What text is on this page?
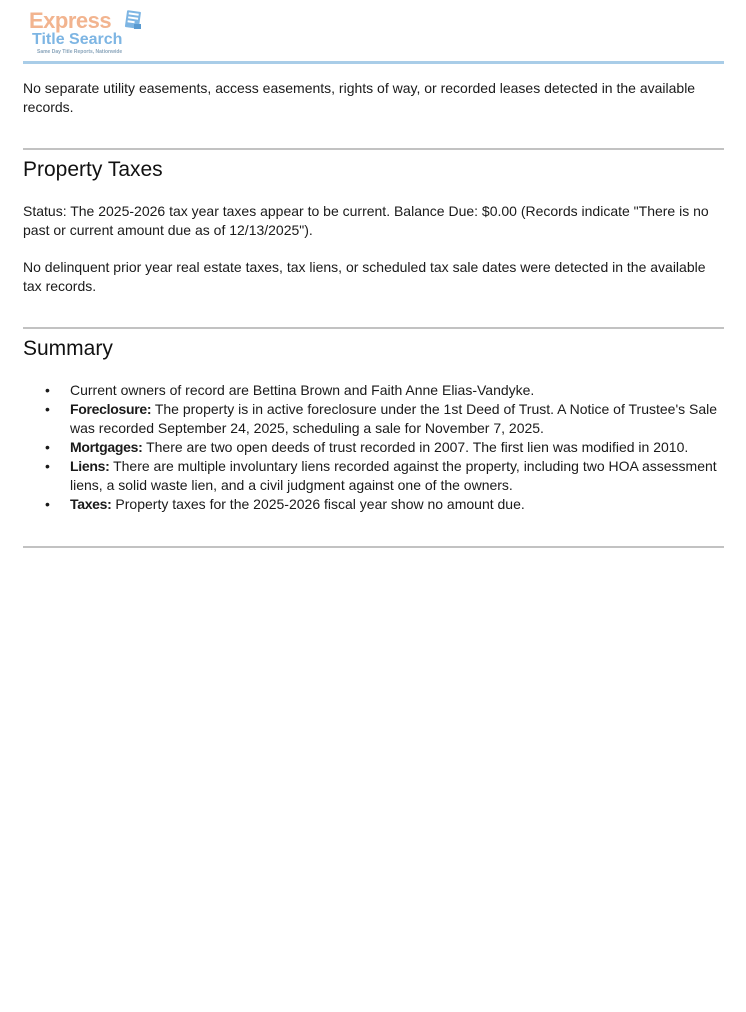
Express
Title Search
Same Day Title Reports, Nationwide

No separate utility easements, access easements, rights of way, or recorded leases detected in the available records.

Property Taxes

Status: The 2025-2026 tax year taxes appear to be current. Balance Due: $0.00 (Records indicate "There is no past or current amount due as of 12/13/2025").

No delinquent prior year real estate taxes, tax liens, or scheduled tax sale dates were detected in the available tax records.

Summary
• Current owners of record are Bettina Brown and Faith Anne Elias-Vandyke.
• Foreclosure: The property is in active foreclosure under the 1st Deed of Trust. A Notice of Trustee's Sale was recorded September 24, 2025, scheduling a sale for November 7, 2025.
• Mortgages: There are two open deeds of trust recorded in 2007. The first lien was modified in 2010.
• Liens: There are multiple involuntary liens recorded against the property, including two HOA assessment liens, a solid waste lien, and a civil judgment against one of the owners.
• Taxes: Property taxes for the 2025-2026 fiscal year show no amount due.
